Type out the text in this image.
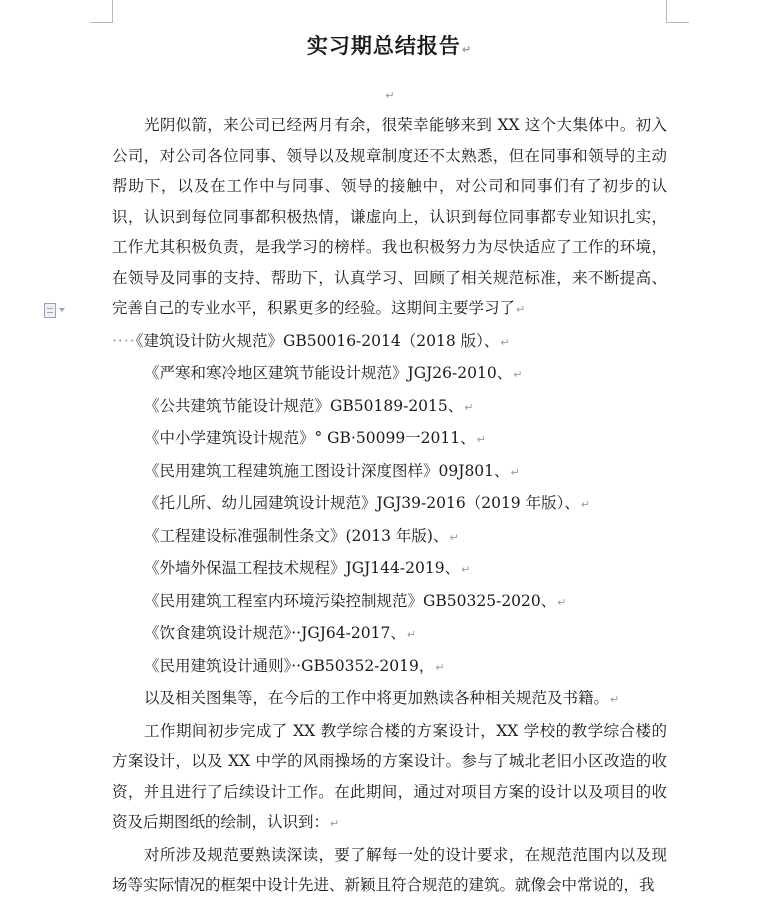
实习期总结报告↵
↵

光阴似箭，来公司已经两月有余，很荣幸能够来到 XX 这个大集体中。初入公司，对公司各位同事、领导以及规章制度还不太熟悉，但在同事和领导的主动帮助下，以及在工作中与同事、领导的接触中，对公司和同事们有了初步的认识，认识到每位同事都积极热情，谦虚向上，认识到每位同事都专业知识扎实，工作尤其积极负责，是我学习的榜样。我也积极努力为尽快适应了工作的环境，在领导及同事的支持、帮助下，认真学习、回顾了相关规范标准，来不断提高、完善自己的专业水平，积累更多的经验。这期间主要学习了↵

····《建筑设计防火规范》GB50016-2014（2018 版）、↵

《严寒和寒冷地区建筑节能设计规范》JGJ26-2010、↵

《公共建筑节能设计规范》GB50189-2015、↵

《中小学建筑设计规范》° GB·50099一2011、↵

《民用建筑工程建筑施工图设计深度图样》09J801、↵

《托儿所、幼儿园建筑设计规范》JGJ39-2016（2019 年版）、↵

《工程建设标准强制性条文》(2013 年版)、↵

《外墙外保温工程技术规程》JGJ144-2019、↵

《民用建筑工程室内环境污染控制规范》GB50325-2020、↵

《饮食建筑设计规范》··JGJ64-2017、↵

《民用建筑设计通则》··GB50352-2019，↵

以及相关图集等，在今后的工作中将更加熟读各种相关规范及书籍。↵

工作期间初步完成了 XX 教学综合楼的方案设计，XX 学校的教学综合楼的方案设计，以及 XX 中学的风雨操场的方案设计。参与了城北老旧小区改造的收资，并且进行了后续设计工作。在此期间，通过对项目方案的设计以及项目的收资及后期图纸的绘制，认识到：↵

对所涉及规范要熟读深读，要了解每一处的设计要求，在规范范围内以及现场等实际情况的框架中设计先进、新颖且符合规范的建筑。就像会中常说的，我
